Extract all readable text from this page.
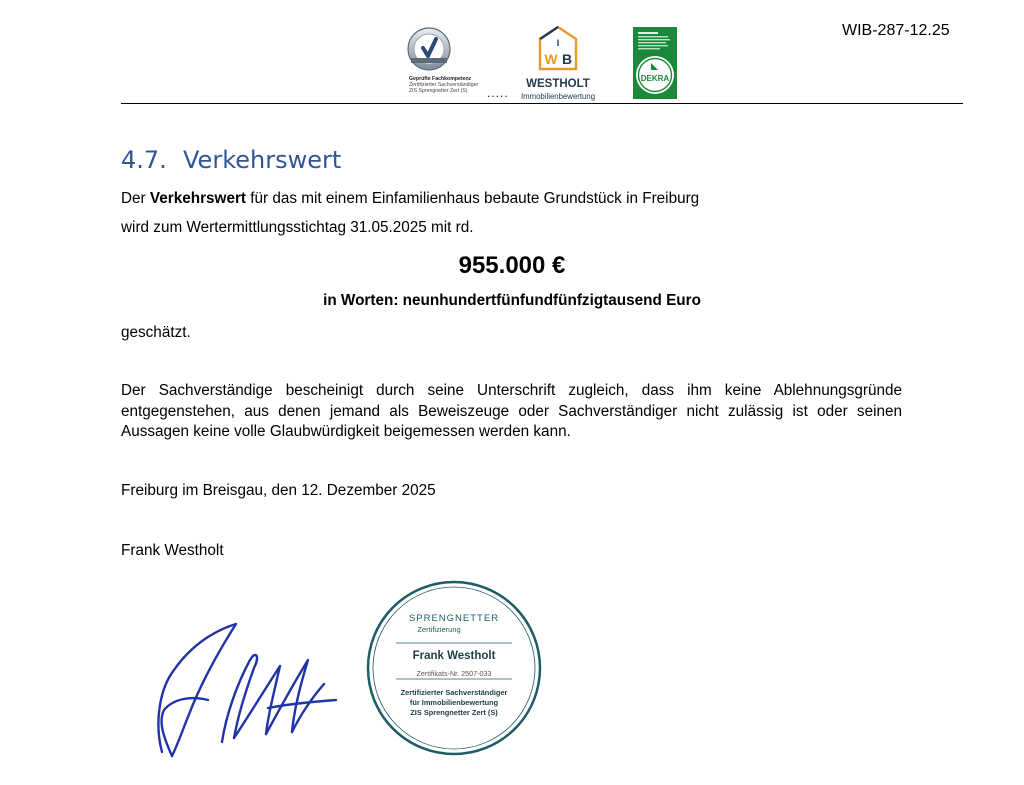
WIB-287-12.25
Geprüfte Fachkompetenz
Zertifizierter Sachverständiger
ZIS Sprengnetter Zert (S)	.....
I
W B
WESTHOLT
Immobilienbewertung
DEKRA
4.7. Verkehrswert
Der Verkehrswert für das mit einem Einfamilienhaus bebaute Grundstück in Freiburg
wird zum Wertermittlungsstichtag 31.05.2025 mit rd.
955.000 €
in Worten: neunhundertfünfundfünfzigtausend Euro
geschätzt.
Der Sachverständige bescheinigt durch seine Unterschrift zugleich, dass ihm keine Ablehnungsgründe entgegenstehen, aus denen jemand als Beweiszeuge oder Sachverständiger nicht zulässig ist oder seinen Aussagen keine volle Glaubwürdigkeit beigemessen werden kann.
Freiburg im Breisgau, den 12. Dezember 2025
Frank Westholt
SPRENGNETTER
Zertifizierung
Frank Westholt
Zertifikats-Nr. 2507-033
Zertifizierter Sachverständiger
für Immobilienbewertung
ZIS Sprengnetter Zert (S)
